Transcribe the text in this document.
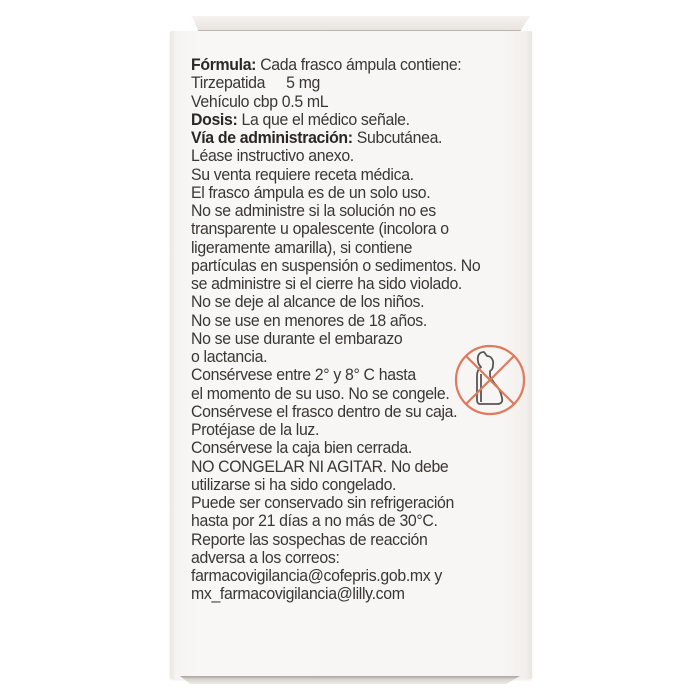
Fórmula: Cada frasco ámpula contiene:
Tirzepatida 5 mg
Vehículo cbp 0.5 mL
Dosis: La que el médico señale.
Vía de administración: Subcutánea.
Léase instructivo anexo.
Su venta requiere receta médica.
El frasco ámpula es de un solo uso.
No se administre si la solución no es
transparente u opalescente (incolora o
ligeramente amarilla), si contiene
partículas en suspensión o sedimentos. No
se administre si el cierre ha sido violado.
No se deje al alcance de los niños.
No se use en menores de 18 años.
No se use durante el embarazo
o lactancia.
Consérvese entre 2° y 8° C hasta
el momento de su uso. No se congele.
Consérvese el frasco dentro de su caja.
Protéjase de la luz.
Consérvese la caja bien cerrada.
NO CONGELAR NI AGITAR. No debe
utilizarse si ha sido congelado.
Puede ser conservado sin refrigeración
hasta por 21 días a no más de 30°C.
Reporte las sospechas de reacción
adversa a los correos:
farmacovigilancia@cofepris.gob.mx y
mx_farmacovigilancia@lilly.com
